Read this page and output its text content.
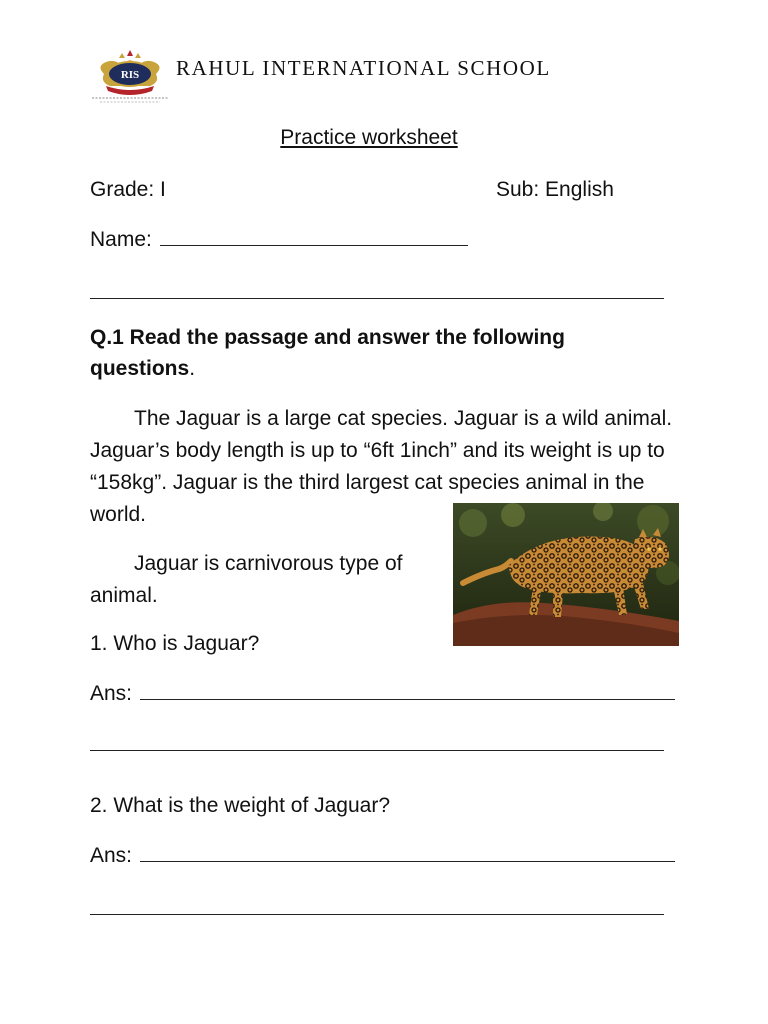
RIS RAHUL INTERNATIONAL SCHOOL
Practice worksheet
Grade: I	Sub: English
Name:
Q.1 Read the passage and answer the following questions.
The Jaguar is a large cat species. Jaguar is a wild animal. Jaguar’s body length is up to “6ft 1inch” and its weight is up to “158kg”. Jaguar is the third largest cat species animal in the world.
Jaguar is carnivorous type of animal.
1. Who is Jaguar?
Ans:
2. What is the weight of Jaguar?
Ans:
